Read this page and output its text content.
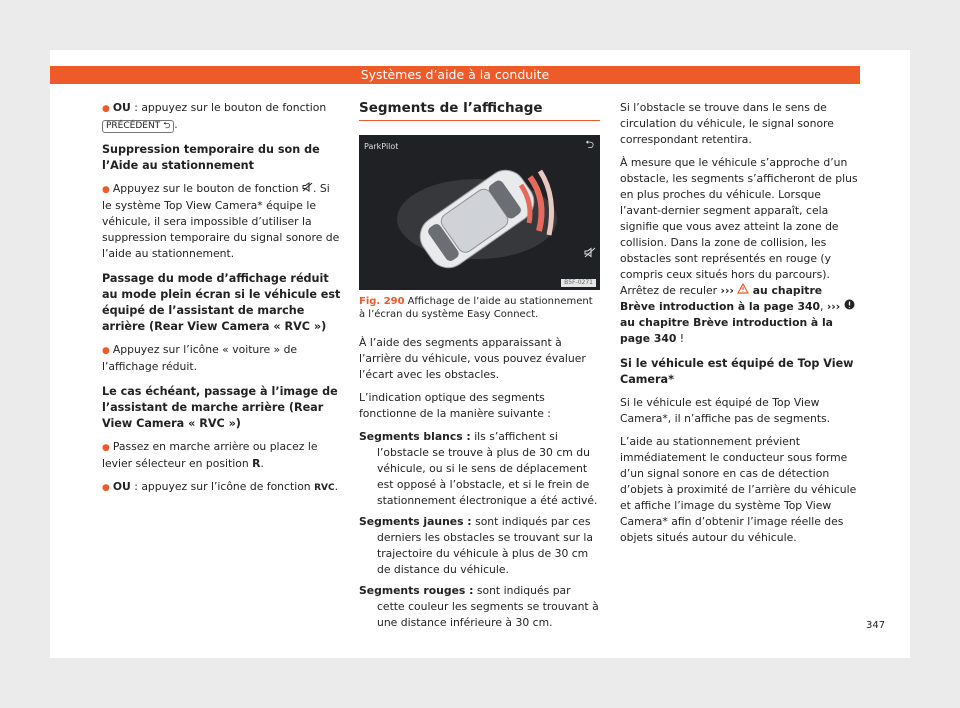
Systèmes d’aide à la conduite

● OU : appuyez sur le bouton de fonction PRÉCÉDENT ⮌ .

Suppression temporaire du son de l’Aide au stationnement

● Appuyez sur le bouton de fonction . Si le système Top View Camera* équipe le véhicule, il sera impossible d’utiliser la suppression temporaire du signal sonore de l’aide au stationnement.

Passage du mode d’affichage réduit au mode plein écran si le véhicule est équipé de l’assistant de marche arrière (Rear View Camera « RVC »)

● Appuyez sur l’icône « voiture » de l’affichage réduit.

Le cas échéant, passage à l’image de l’assistant de marche arrière (Rear View Camera « RVC »)

● Passez en marche arrière ou placez le levier sélecteur en position R.

● OU : appuyez sur l’icône de fonction RVC.

Segments de l’affichage
ParkPilot	⮌
B5F-0271
Fig. 290 Affichage de l’aide au stationnement à l’écran du système Easy Connect.

À l’aide des segments apparaissant à l’arrière du véhicule, vous pouvez évaluer l’écart avec les obstacles.

L’indication optique des segments fonctionne de la manière suivante :

Segments blancs : ils s’affichent si l’obstacle se trouve à plus de 30 cm du véhicule, ou si le sens de déplacement est opposé à l’obstacle, et si le frein de stationnement électronique a été activé.

Segments jaunes : sont indiqués par ces derniers les obstacles se trouvant sur la trajectoire du véhicule à plus de 30 cm de distance du véhicule.

Segments rouges : sont indiqués par cette couleur les segments se trouvant à une distance inférieure à 30 cm.

Si l’obstacle se trouve dans le sens de circulation du véhicule, le signal sonore correspondant retentira.

À mesure que le véhicule s’approche d’un obstacle, les segments s’afficheront de plus en plus proches du véhicule. Lorsque l’avant-dernier segment apparaît, cela signifie que vous avez atteint la zone de collision. Dans la zone de collision, les obstacles sont représentés en rouge (y compris ceux situés hors du parcours). Arrêtez de reculer ››› au chapitre Brève introduction à la page 340, ›››  au chapitre Brève introduction à la page 340 !

Si le véhicule est équipé de Top View Camera*

Si le véhicule est équipé de Top View Camera*, il n’affiche pas de segments.

L’aide au stationnement prévient immédiatement le conducteur sous forme d’un signal sonore en cas de détection d’objets à proximité de l’arrière du véhicule et affiche l’image du système Top View Camera* afin d’obtenir l’image réelle des objets situés autour du véhicule.

347
